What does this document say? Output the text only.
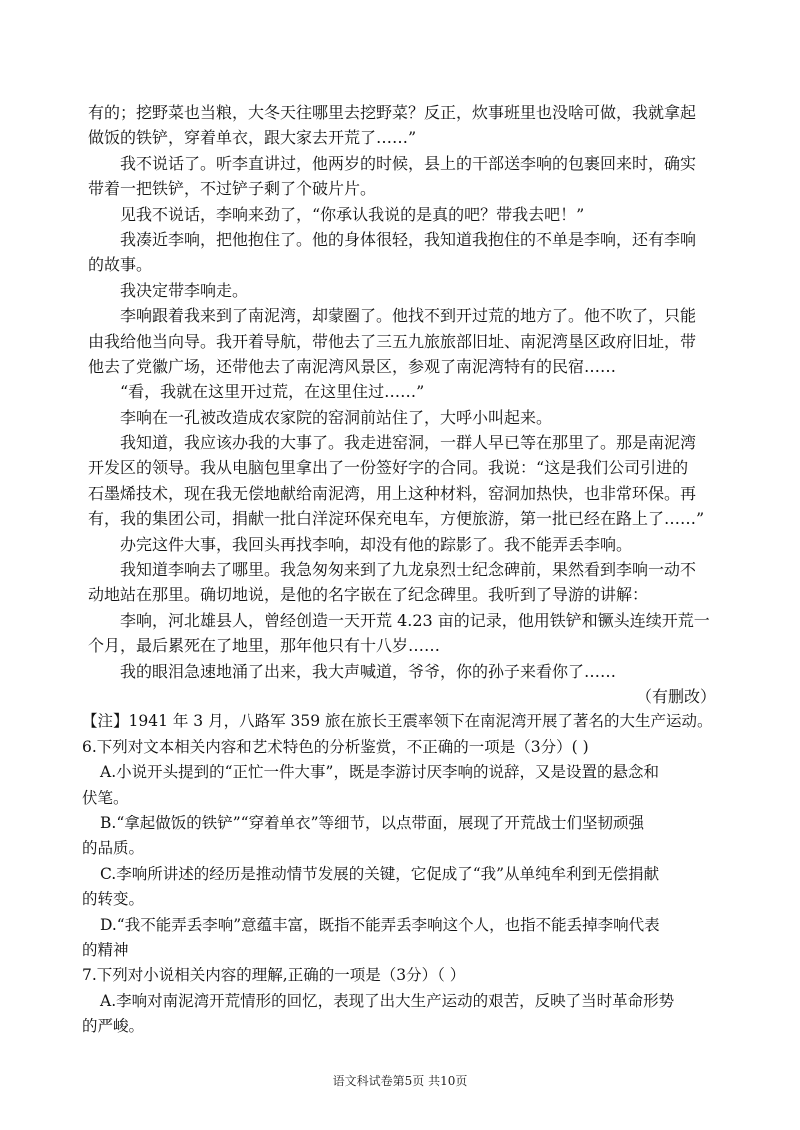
有的；挖野菜也当粮，大冬天往哪里去挖野菜？反正，炊事班里也没啥可做，我就拿起
做饭的铁铲，穿着单衣，跟大家去开荒了……”
我不说话了。听李直讲过，他两岁的时候，县上的干部送李响的包裹回来时，确实
带着一把铁铲，不过铲子剩了个破片片。
见我不说话，李响来劲了，“你承认我说的是真的吧？带我去吧！”
我凑近李响，把他抱住了。他的身体很轻，我知道我抱住的不单是李响，还有李响
的故事。
我决定带李响走。
李响跟着我来到了南泥湾，却蒙圈了。他找不到开过荒的地方了。他不吹了，只能
由我给他当向导。我开着导航，带他去了三五九旅旅部旧址、南泥湾垦区政府旧址，带
他去了党徽广场，还带他去了南泥湾风景区，参观了南泥湾特有的民宿……
“看，我就在这里开过荒，在这里住过……”
李响在一孔被改造成农家院的窑洞前站住了，大呼小叫起来。
我知道，我应该办我的大事了。我走进窑洞，一群人早已等在那里了。那是南泥湾
开发区的领导。我从电脑包里拿出了一份签好字的合同。我说：“这是我们公司引进的
石墨烯技术，现在我无偿地献给南泥湾，用上这种材料，窑洞加热快，也非常环保。再
有，我的集团公司，捐献一批白洋淀环保充电车，方便旅游，第一批已经在路上了……”
办完这件大事，我回头再找李响，却没有他的踪影了。我不能弄丢李响。
我知道李响去了哪里。我急匆匆来到了九龙泉烈士纪念碑前，果然看到李响一动不
动地站在那里。确切地说，是他的名字嵌在了纪念碑里。我听到了导游的讲解：
李响，河北雄县人，曾经创造一天开荒 4.23 亩的记录，他用铁铲和镢头连续开荒一
个月，最后累死在了地里，那年他只有十八岁……
我的眼泪急速地涌了出来，我大声喊道，爷爷，你的孙子来看你了……
（有删改）
【注】1941 年 3 月，八路军 359 旅在旅长王震率领下在南泥湾开展了著名的大生产运动。
6.下列对文本相关内容和艺术特色的分析鉴赏，不正确的一项是（3分）( )
A.小说开头提到的“正忙一件大事”，既是李游讨厌李响的说辞，又是设置的悬念和
伏笔。
B.“拿起做饭的铁铲”“穿着单衣”等细节，以点带面，展现了开荒战士们坚韧顽强
的品质。
C.李响所讲述的经历是推动情节发展的关键，它促成了“我”从单纯牟利到无偿捐献
的转变。
D.“我不能弄丢李响”意蕴丰富，既指不能弄丢李响这个人，也指不能丢掉李响代表
的精神
7.下列对小说相关内容的理解,正确的一项是（3分）（ ）
A.李响对南泥湾开荒情形的回忆，表现了出大生产运动的艰苦，反映了当时革命形势
的严峻。
语文科试卷第5页 共10页
